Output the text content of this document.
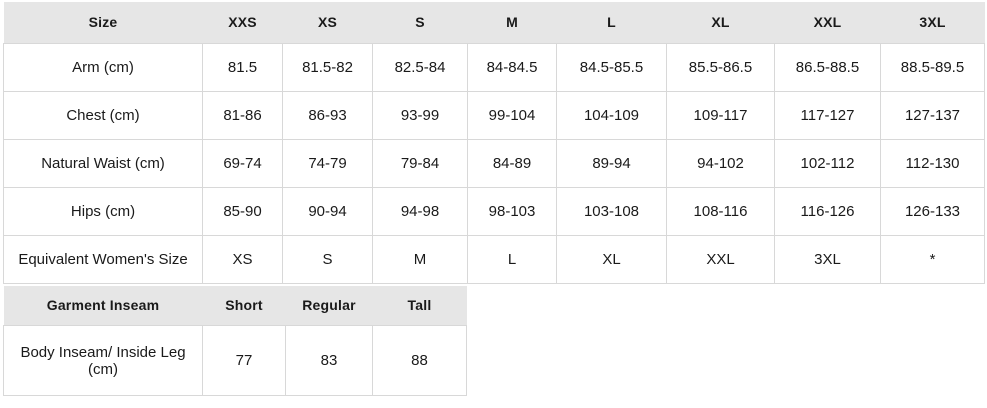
Size	XXS	XS	S	M	L	XL	XXL	3XL
Arm (cm)	81.5	81.5-82	82.5-84	84-84.5	84.5-85.5	85.5-86.5	86.5-88.5	88.5-89.5
Chest (cm)	81-86	86-93	93-99	99-104	104-109	109-117	117-127	127-137
Natural Waist (cm)	69-74	74-79	79-84	84-89	89-94	94-102	102-112	112-130
Hips (cm)	85-90	90-94	94-98	98-103	103-108	108-116	116-126	126-133
Equivalent Women's Size	XS	S	M	L	XL	XXL	3XL	*
Garment Inseam	Short	Regular	Tall
Body Inseam/ Inside Leg (cm)	77	83	88
